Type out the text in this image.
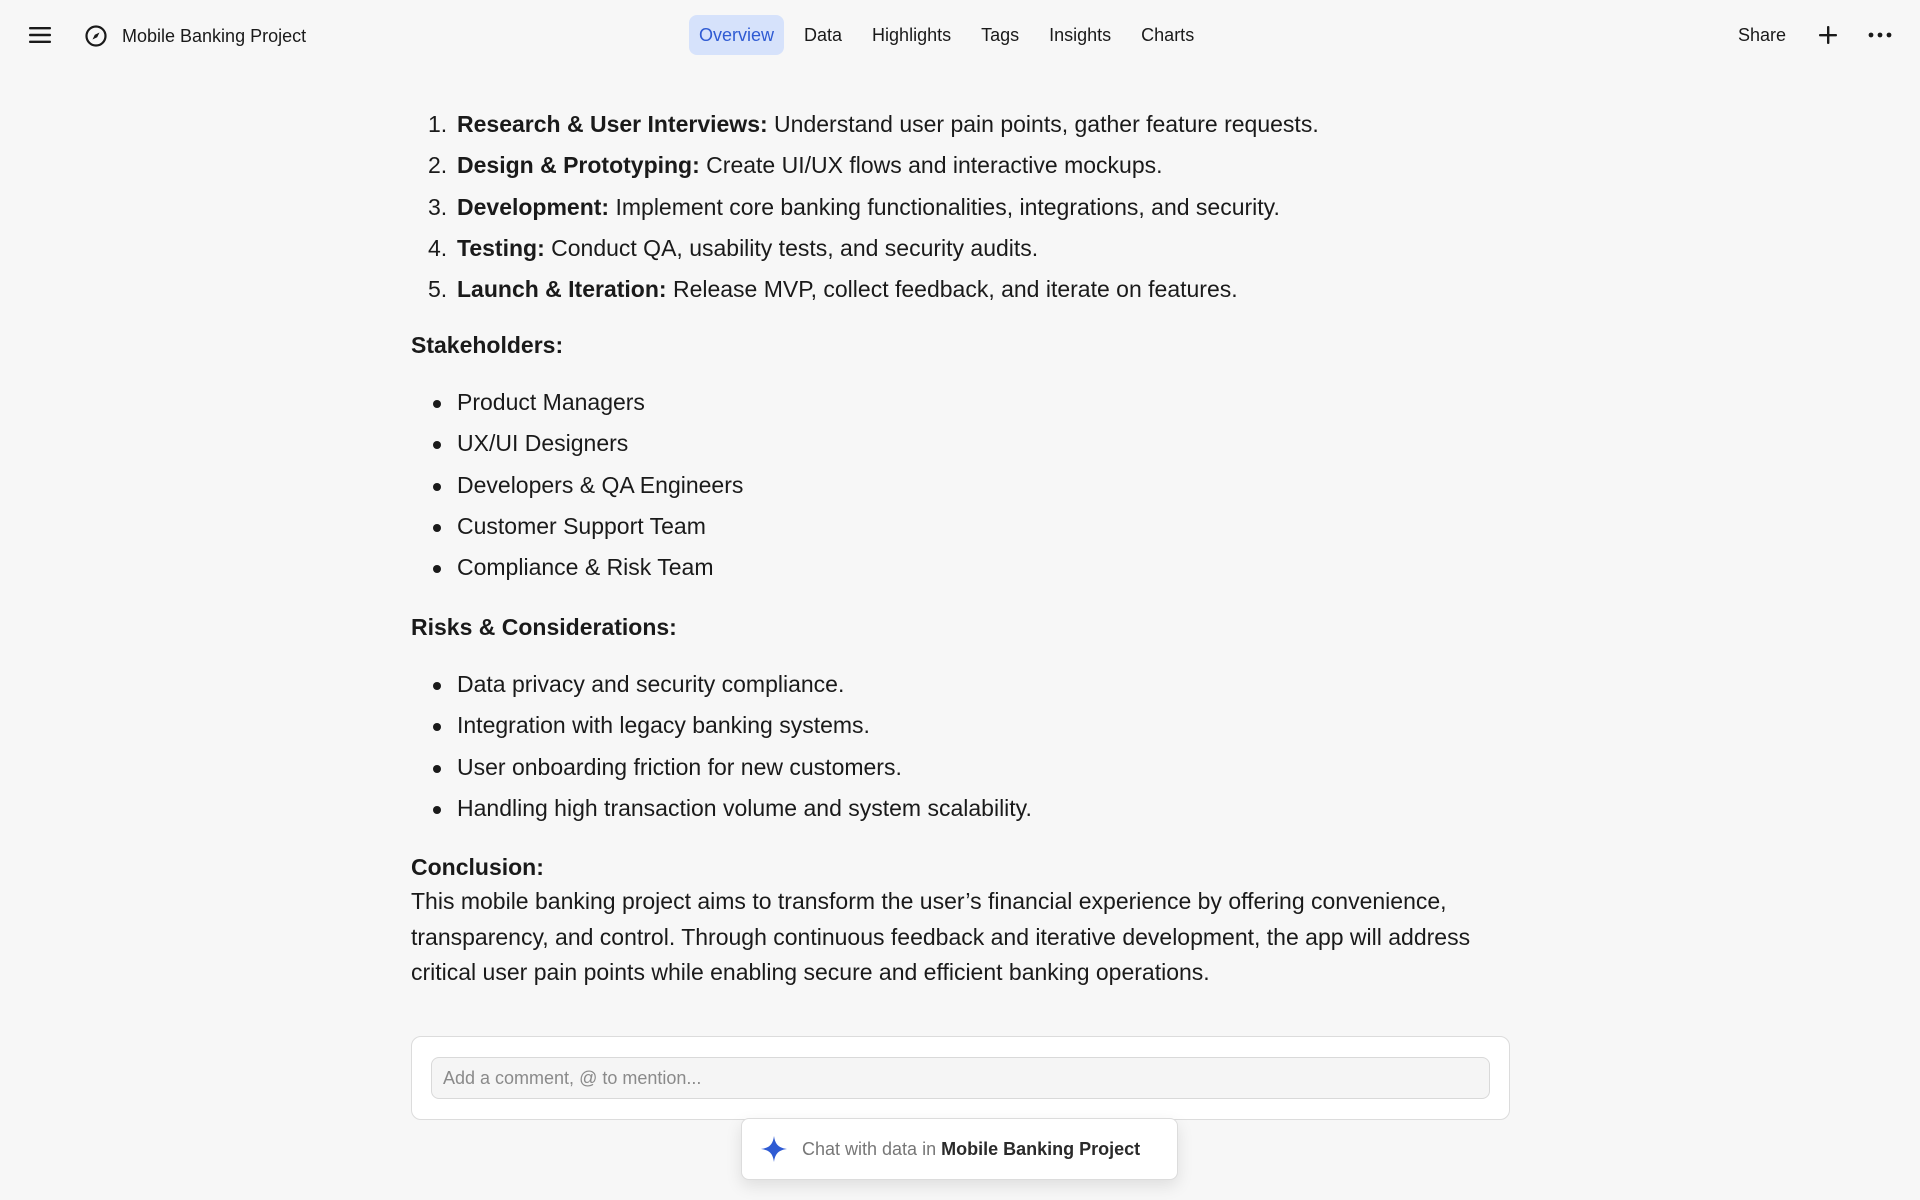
Mobile Banking Project	Overview	Data	Highlights	Tags	Insights	Charts	Share
1. Research & User Interviews: Understand user pain points, gather feature requests.
2. Design & Prototyping: Create UI/UX flows and interactive mockups.
3. Development: Implement core banking functionalities, integrations, and security.
4. Testing: Conduct QA, usability tests, and security audits.
5. Launch & Iteration: Release MVP, collect feedback, and iterate on features.
Stakeholders:
Product Managers
UX/UI Designers
Developers & QA Engineers
Customer Support Team
Compliance & Risk Team
Risks & Considerations:
Data privacy and security compliance.
Integration with legacy banking systems.
User onboarding friction for new customers.
Handling high transaction volume and system scalability.
Conclusion:
This mobile banking project aims to transform the user’s financial experience by offering convenience, transparency, and control. Through continuous feedback and iterative development, the app will address critical user pain points while enabling secure and efficient banking operations.
Add a comment, @ to mention...
Chat with data in Mobile Banking Project
